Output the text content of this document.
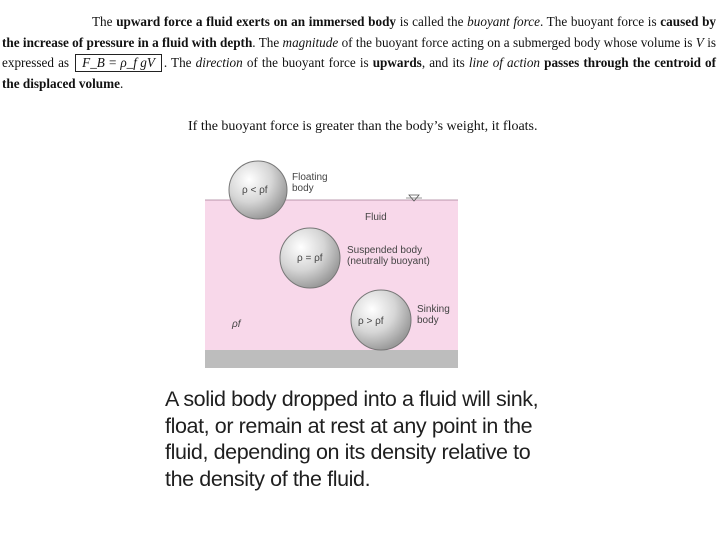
The upward force a fluid exerts on an immersed body is called the buoyant force. The buoyant force is caused by the increase of pressure in a fluid with depth. The magnitude of the buoyant force acting on a submerged body whose volume is V is expressed as F_B = ρ_f gV . The direction of the buoyant force is upwards, and its line of action passes through the centroid of the displaced volume.
If the buoyant force is greater than the body’s weight, it floats.
ρ < ρf
Floating
body
Fluid
ρ = ρf
Suspended body
(neutrally buoyant)
ρ > ρf
Sinking
body
ρf
A solid body dropped into a fluid will sink, float, or remain at rest at any point in the fluid, depending on its density relative to the density of the fluid.
